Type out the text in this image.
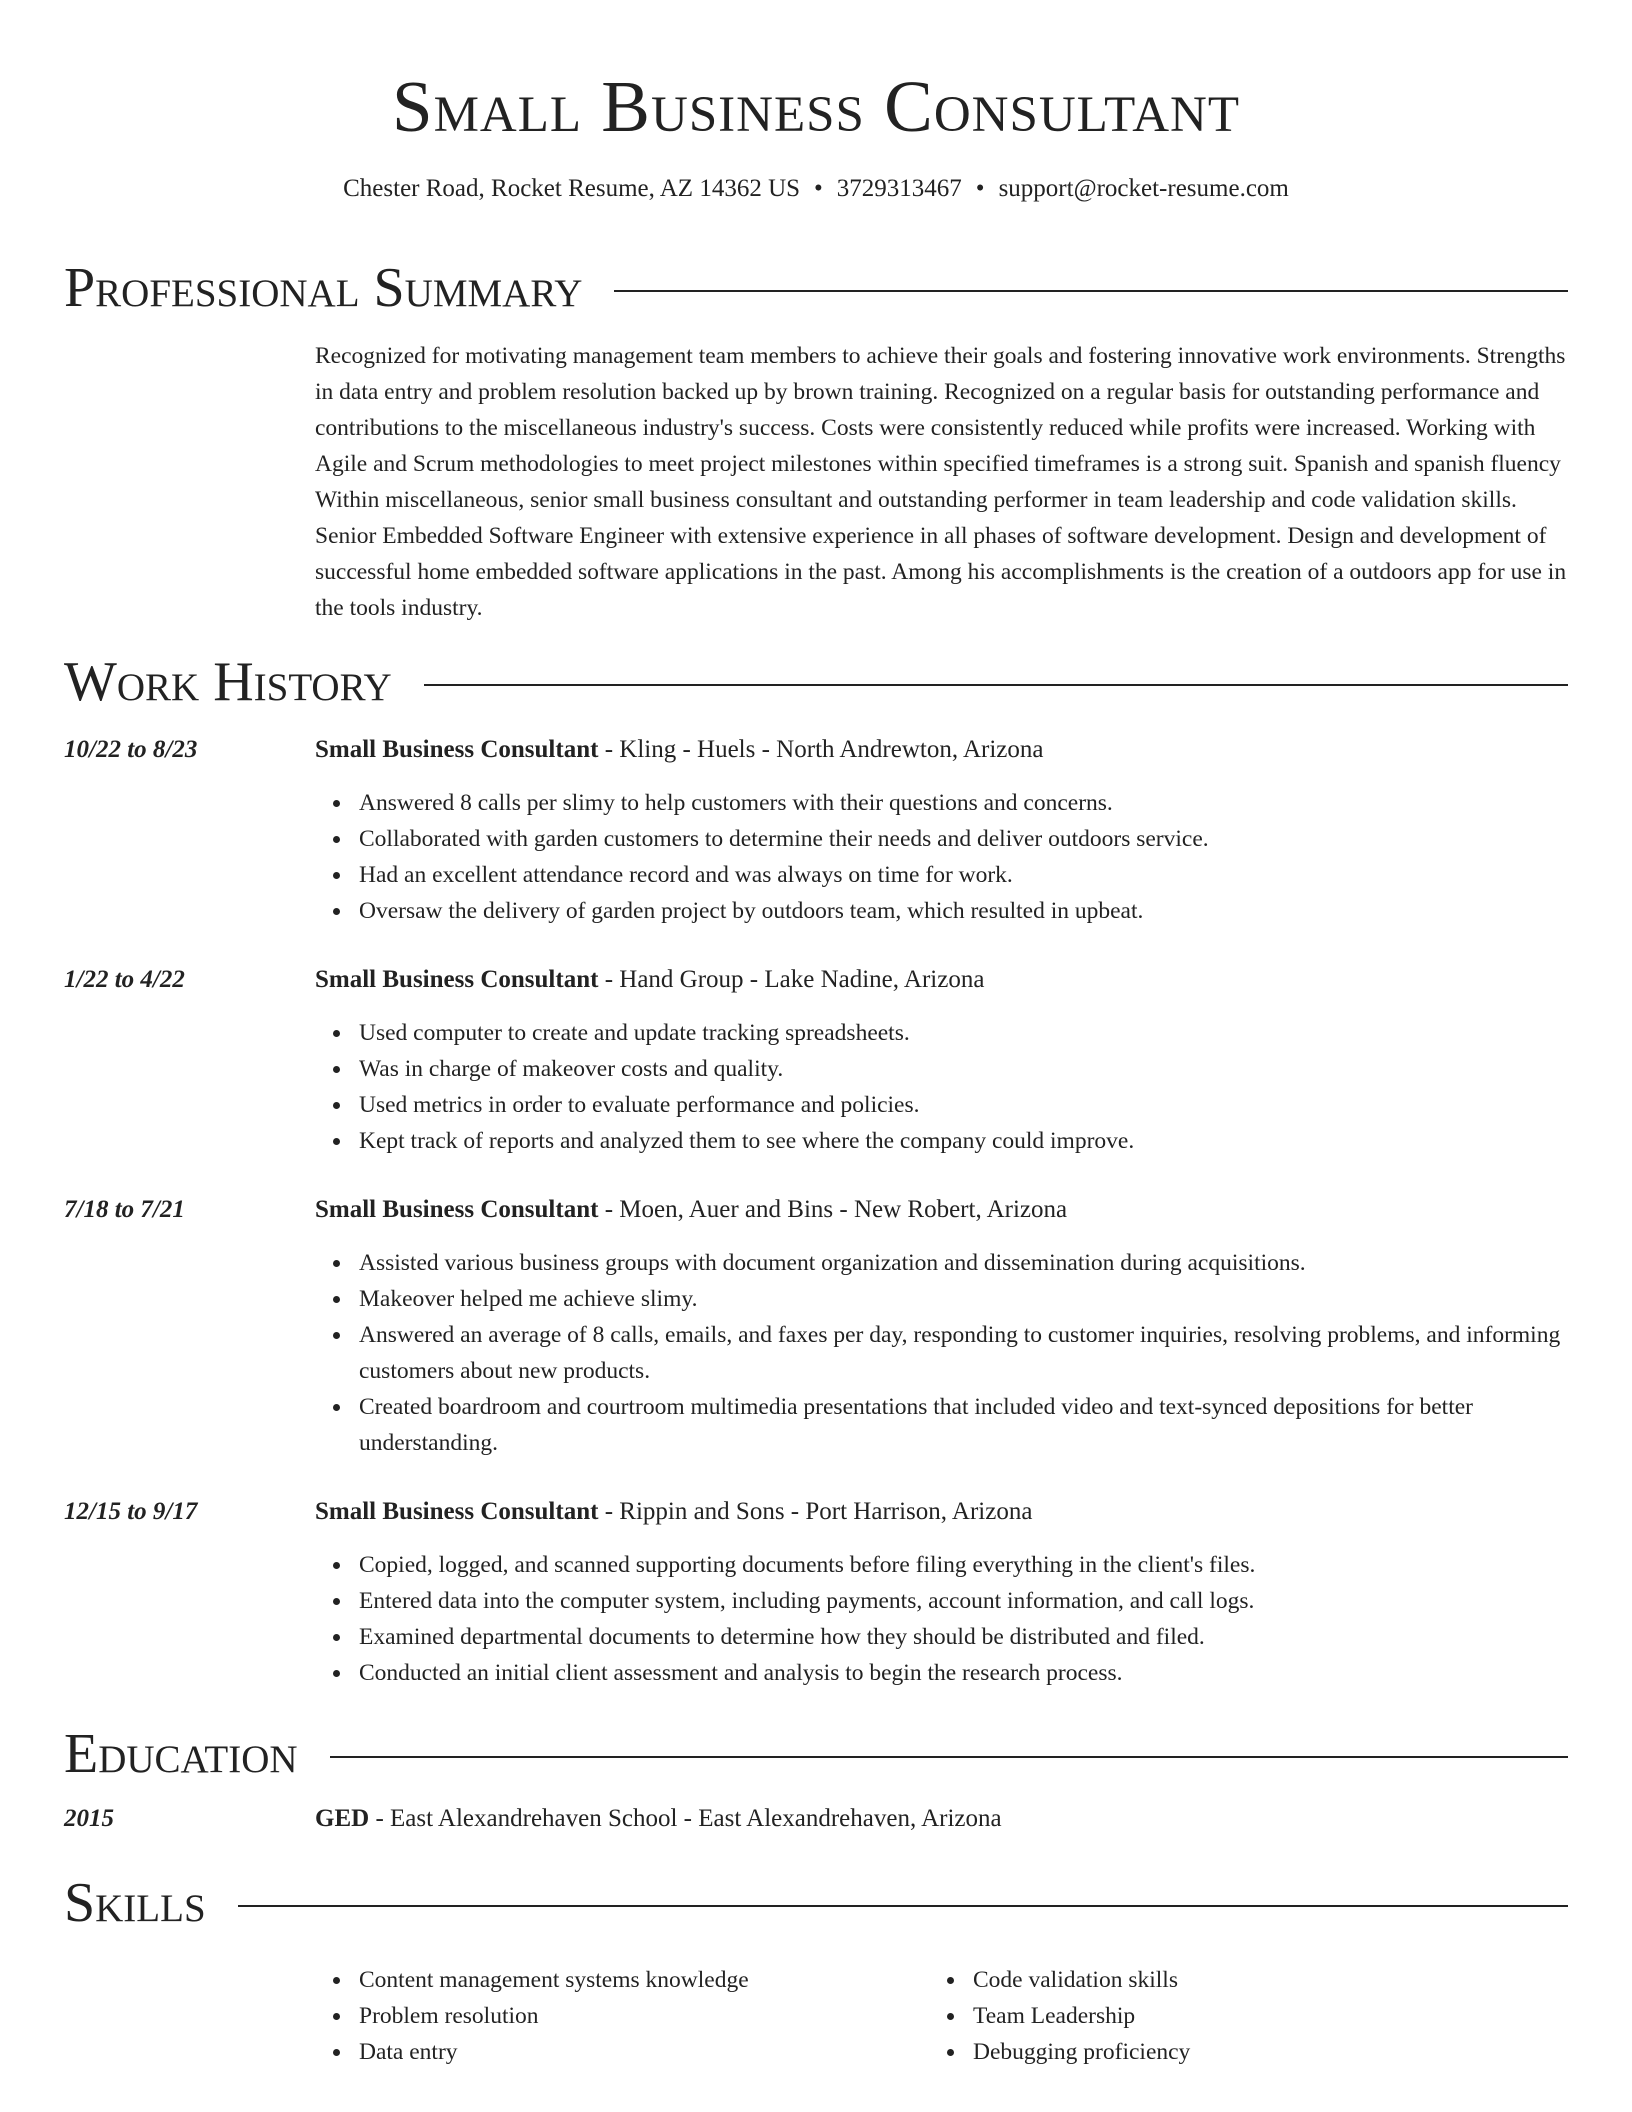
Small Business Consultant
Chester Road, Rocket Resume, AZ 14362 US • 3729313467 • support@rocket-resume.com
Professional Summary

Recognized for motivating management team members to achieve their goals and fostering innovative work environments. Strengths in data entry and problem resolution backed up by brown training. Recognized on a regular basis for outstanding performance and contributions to the miscellaneous industry's success. Costs were consistently reduced while profits were increased. Working with Agile and Scrum methodologies to meet project milestones within specified timeframes is a strong suit. Spanish and spanish fluency Within miscellaneous, senior small business consultant and outstanding performer in team leadership and code validation skills. Senior Embedded Software Engineer with extensive experience in all phases of software development. Design and development of successful home embedded software applications in the past. Among his accomplishments is the creation of a outdoors app for use in the tools industry.

Work History
10/22 to 8/23	Small Business Consultant - Kling - Huels - North Andrewton, Arizona
Answered 8 calls per slimy to help customers with their questions and concerns.
Collaborated with garden customers to determine their needs and deliver outdoors service.
Had an excellent attendance record and was always on time for work.
Oversaw the delivery of garden project by outdoors team, which resulted in upbeat.
1/22 to 4/22	Small Business Consultant - Hand Group - Lake Nadine, Arizona
Used computer to create and update tracking spreadsheets.
Was in charge of makeover costs and quality.
Used metrics in order to evaluate performance and policies.
Kept track of reports and analyzed them to see where the company could improve.
7/18 to 7/21	Small Business Consultant - Moen, Auer and Bins - New Robert, Arizona
Assisted various business groups with document organization and dissemination during acquisitions.
Makeover helped me achieve slimy.
Answered an average of 8 calls, emails, and faxes per day, responding to customer inquiries, resolving problems, and informing customers about new products.
Created boardroom and courtroom multimedia presentations that included video and text-synced depositions for better understanding.
12/15 to 9/17	Small Business Consultant - Rippin and Sons - Port Harrison, Arizona
Copied, logged, and scanned supporting documents before filing everything in the client's files.
Entered data into the computer system, including payments, account information, and call logs.
Examined departmental documents to determine how they should be distributed and filed.
Conducted an initial client assessment and analysis to begin the research process.
Education
2015	GED - East Alexandrehaven School - East Alexandrehaven, Arizona
Skills
Content management systems knowledge
Problem resolution
Data entry
Code validation skills
Team Leadership
Debugging proficiency
